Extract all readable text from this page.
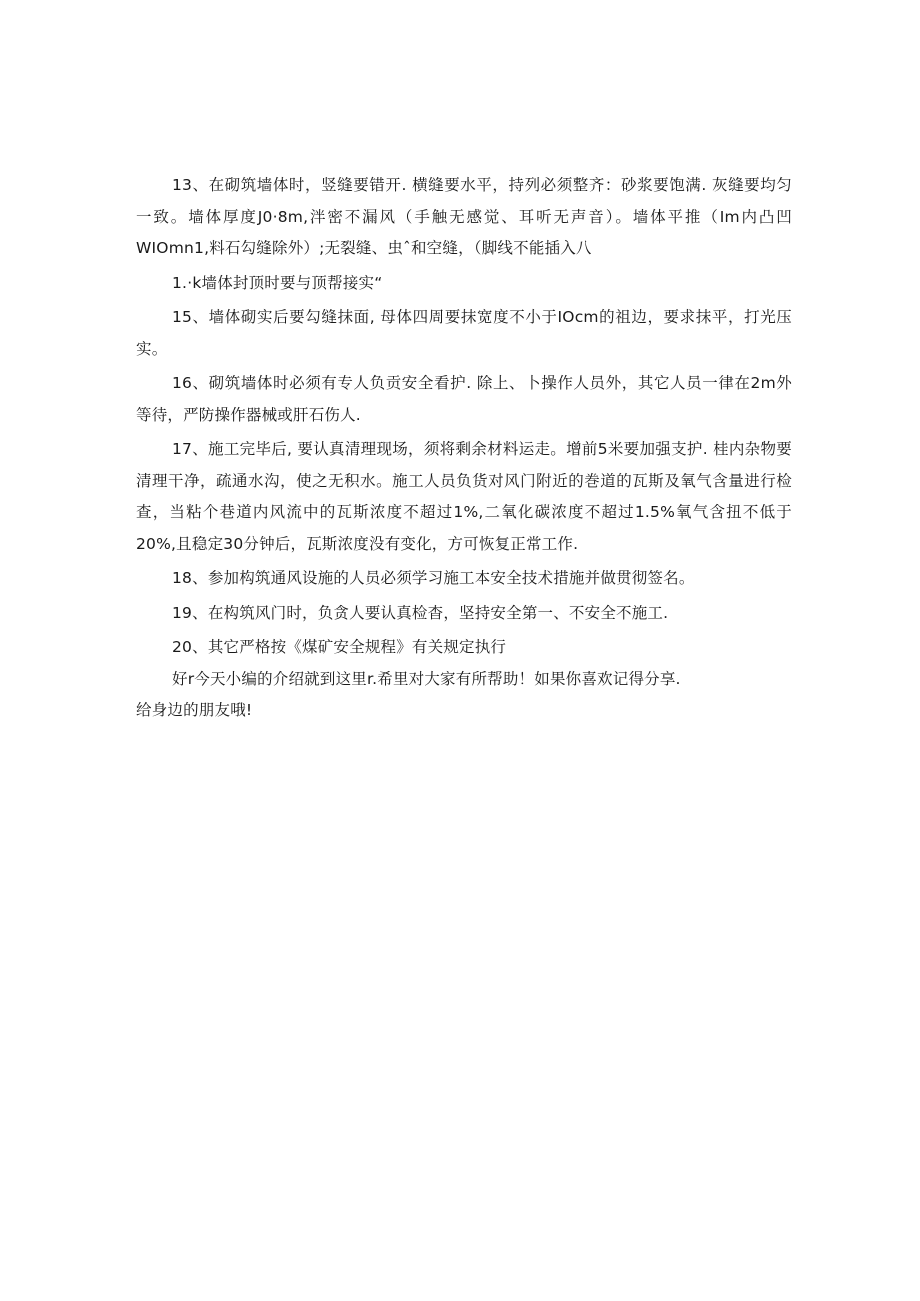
13、在砌筑墙体时，竖缝要错开. 横缝要水平，持列必须整齐：砂浆要饱满. 灰缝要均匀一致。墙体厚度J0·8m,泮密不漏风（手触无感觉、耳听无声音）。墙体平推（Im内凸凹WIOmn1,料石勾缝除外）;无裂缝、虫ˆ和空缝，（脚线不能插入八

1.·k墙体封顶时要与顶帮接实“

15、墙体砌实后要勾缝抹面, 母体四周要抹宽度不小于IOcm的祖边，要求抹平，打光压实。

16、砌筑墙体时必须有专人负贡安全看护. 除上、卜操作人员外，其它人员一律在2m外等待，严防操作器械或肝石伤人.

17、施工完毕后, 要认真清理现场，须将剩余材料运走。增前5米要加强支护. 桂内杂物要清理干净，疏通水沟，使之无积水。施工人员负货对风门附近的巻道的瓦斯及氧气含量进行检查，当粘个巷道内风流中的瓦斯浓度不超过1%,二氧化碳浓度不超过1.5%氧气含扭不低于20%,且稳定30分钟后，瓦斯浓度没有变化，方可恢复正常工作.

18、参加构筑通风设施的人员必须学习施工本安全技术措施并做贯彻签名。

19、在构筑风门时，负贪人要认真检杳，坚持安全第一、不安全不施工.

20、其它严格按《煤矿安全规程》有关规定执行

好r今天小编的介绍就到这里r.希里对大家有所帮助！如果你喜欢记得分享.

给身边的朋友哦!
